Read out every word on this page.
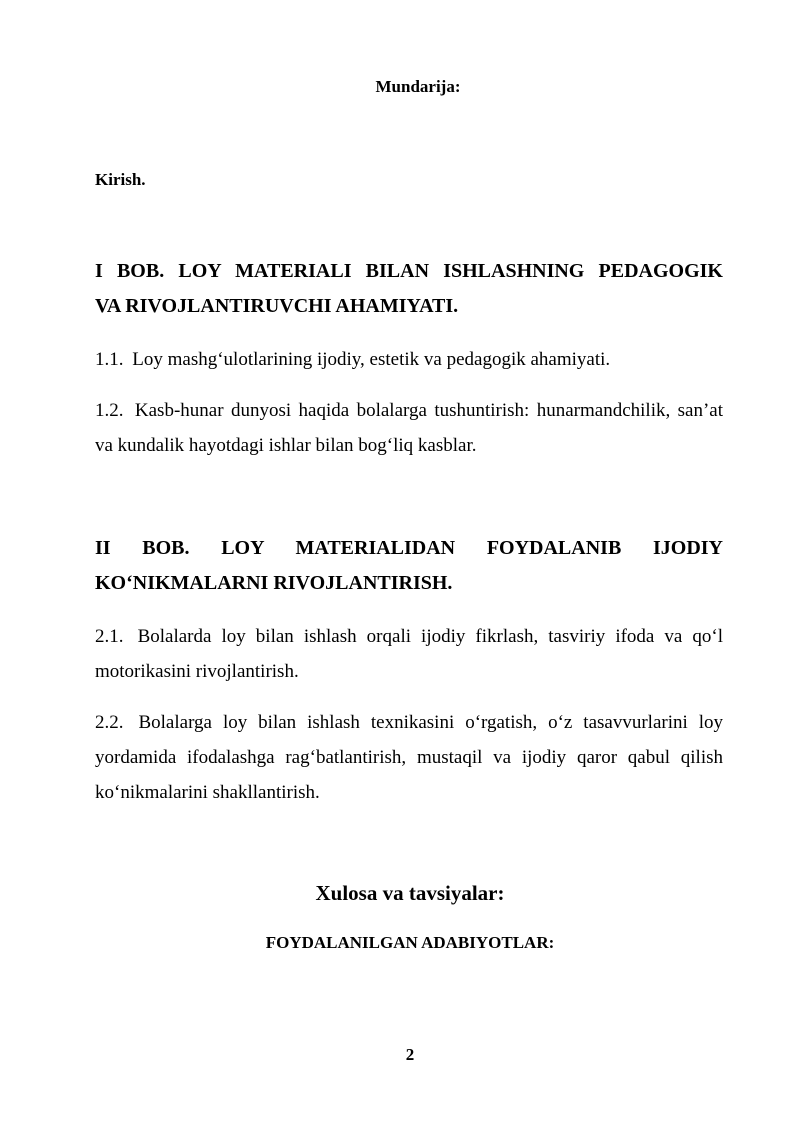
Mundarija:

Kirish.

I BOB. LOY MATERIALI BILAN ISHLASHNING PEDAGOGIK
VA RIVOJLANTIRUVCHI AHAMIYATI.

1.1. Loy mashg‘ulotlarining ijodiy, estetik va pedagogik ahamiyati.

1.2. Kasb-hunar dunyosi haqida bolalarga tushuntirish: hunarmandchilik, san’at va kundalik hayotdagi ishlar bilan bog‘liq kasblar.

II BOB. LOY MATERIALIDAN FOYDALANIB IJODIY
KO‘NIKMALARNI RIVOJLANTIRISH.

2.1. Bolalarda loy bilan ishlash orqali ijodiy fikrlash, tasviriy ifoda va qo‘l motorikasini rivojlantirish.

2.2. Bolalarga loy bilan ishlash texnikasini o‘rgatish, o‘z tasavvurlarini loy yordamida ifodalashga rag‘batlantirish, mustaqil va ijodiy qaror qabul qilish ko‘nikmalarini shakllantirish.

Xulosa va tavsiyalar:

FOYDALANILGAN ADABIYOTLAR:

2
